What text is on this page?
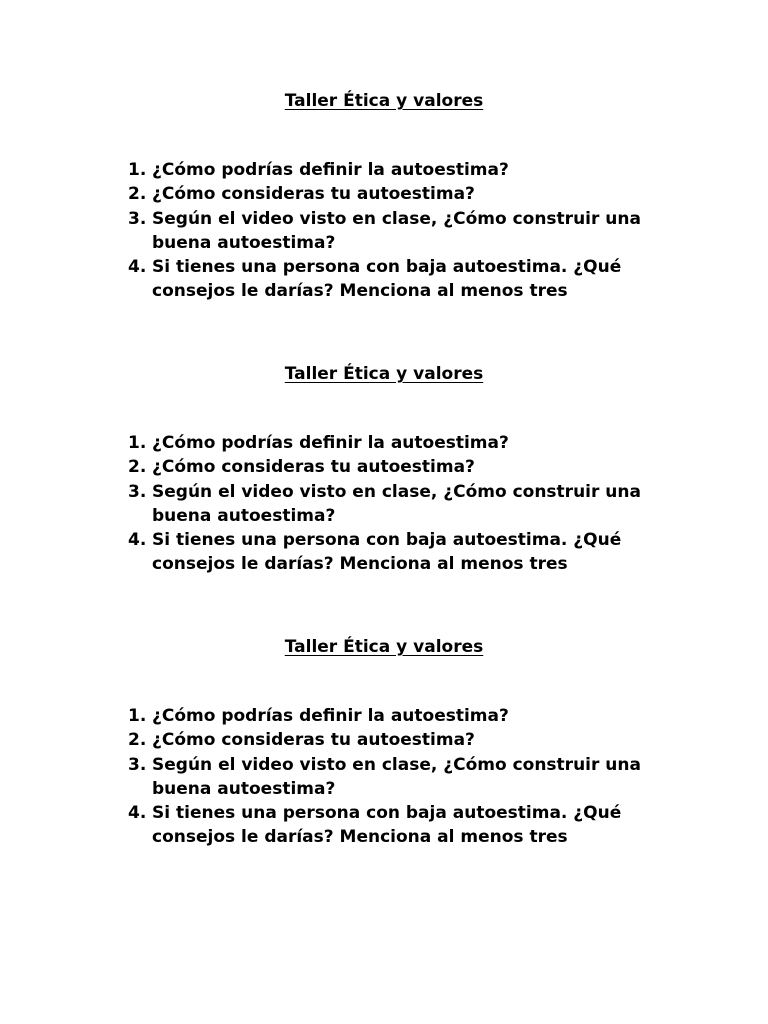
Taller Ética y valores
1. ¿Cómo podrías definir la autoestima?
2. ¿Cómo consideras tu autoestima?
3. Según el video visto en clase, ¿Cómo construir una buena autoestima?
4. Si tienes una persona con baja autoestima. ¿Qué consejos le darías? Menciona al menos tres
Taller Ética y valores
1. ¿Cómo podrías definir la autoestima?
2. ¿Cómo consideras tu autoestima?
3. Según el video visto en clase, ¿Cómo construir una buena autoestima?
4. Si tienes una persona con baja autoestima. ¿Qué consejos le darías? Menciona al menos tres
Taller Ética y valores
1. ¿Cómo podrías definir la autoestima?
2. ¿Cómo consideras tu autoestima?
3. Según el video visto en clase, ¿Cómo construir una buena autoestima?
4. Si tienes una persona con baja autoestima. ¿Qué consejos le darías? Menciona al menos tres
